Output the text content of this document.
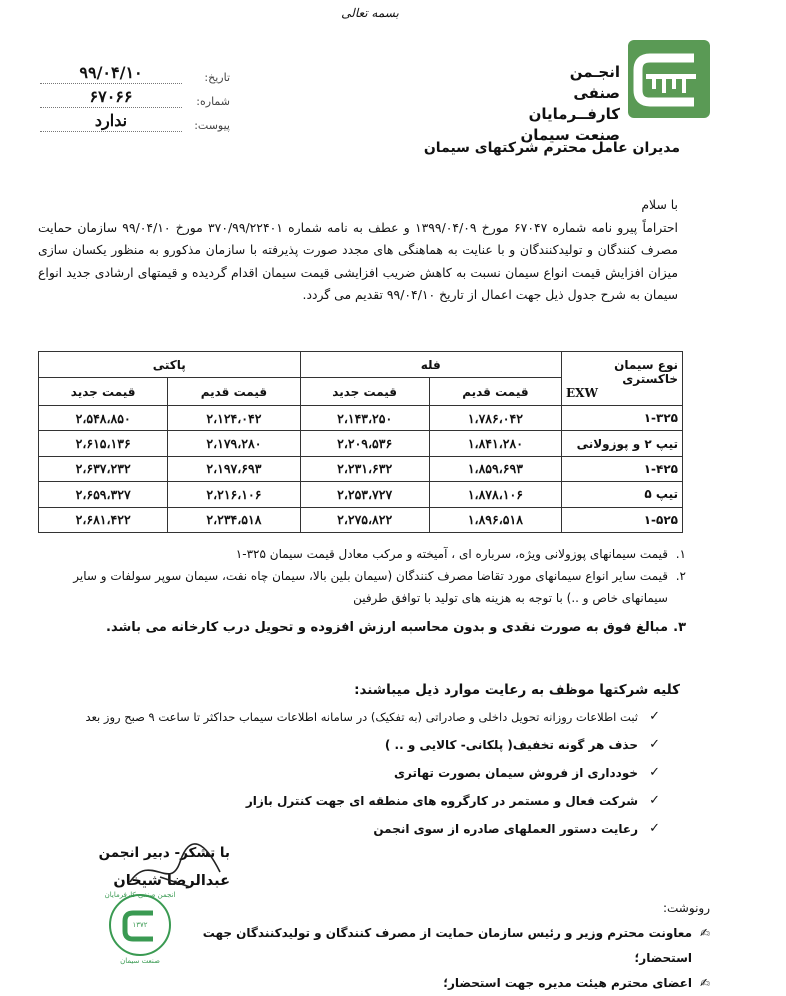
بسمه تعالی
تاریخ:
۹۹/۰۴/۱۰
شماره:
۶۷۰۶۶
پیوست:
ندارد
انجـمن صنفی
کارفــرمایان
صنعت سیمان
مدیران عامل محترم شرکتهای سیمان
با سلام
احتراماً پیرو نامه شماره ۶۷۰۴۷ مورخ ۱۳۹۹/۰۴/۰۹ و عطف به نامه شماره ۳۷۰/۹۹/۲۲۴۰۱ مورخ ۹۹/۰۴/۱۰ سازمان حمایت مصرف کنندگان و تولیدکنندگان و با عنایت به هماهنگی های مجدد صورت پذیرفته با سازمان مذکورو به منظور یکسان سازی میزان افزایش قیمت انواع سیمان نسبت به کاهش ضریب افزایشی قیمت سیمان اقدام گردیده و قیمتهای ارشادی جدید انواع سیمان به شرح جدول ذیل جهت اعمال از تاریخ ۹۹/۰۴/۱۰ تقدیم می گردد.
نوع سیمان خاکستری
EXW	فله		پاکتی	
	قیمت قدیم	قیمت جدید	قیمت قدیم	قیمت جدید
۱-۳۲۵	۱،۷۸۶،۰۴۲	۲،۱۴۳،۲۵۰	۲،۱۲۴،۰۴۲	۲،۵۴۸،۸۵۰
تیپ ۲ و پوزولانی	۱،۸۴۱،۲۸۰	۲،۲۰۹،۵۳۶	۲،۱۷۹،۲۸۰	۲،۶۱۵،۱۳۶
۱-۴۲۵	۱،۸۵۹،۶۹۳	۲،۲۳۱،۶۳۲	۲،۱۹۷،۶۹۳	۲،۶۳۷،۲۳۲
تیپ ۵	۱،۸۷۸،۱۰۶	۲،۲۵۳،۷۲۷	۲،۲۱۶،۱۰۶	۲،۶۵۹،۳۲۷
۱-۵۲۵	۱،۸۹۶،۵۱۸	۲،۲۷۵،۸۲۲	۲،۲۳۴،۵۱۸	۲،۶۸۱،۴۲۲
۱.
قیمت سیمانهای پوزولانی ویژه، سرباره ای ، آمیخته و مرکب معادل قیمت سیمان ۳۲۵-۱
۲.
قیمت سایر انواع سیمانهای مورد تقاضا مصرف کنندگان (سیمان بلین بالا، سیمان چاه نفت، سیمان سوپر سولفات و سایر سیمانهای خاص و ..) با توجه به هزینه های تولید با توافق طرفین
۳.
مبالغ فوق به صورت نقدی و بدون محاسبه ارزش افزوده و تحویل درب کارخانه می باشد.
کلیه شرکتها موظف به رعایت موارد ذیل میباشند:
✓
ثبت اطلاعات روزانه تحویل داخلی و صادراتی (به تفکیک) در سامانه اطلاعات سیماب حداکثر تا ساعت ۹ صبح روز بعد
✓
حذف هر گونه تخفیف( پلکانی- کالایی و .. )
✓
خودداری از فروش سیمان بصورت تهاتری
✓
شرکت فعال و مستمر در کارگروه های منطقه ای جهت کنترل بازار
✓
رعایت دستور العملهای صادره از سوی انجمن
با تشکر- دبیر انجمن
عبدالرضا شیخان
انجمن صنفی کارفرمایان
۱۳۷۲
صنعت سیمان
رونوشت:
✍
معاونت محترم وزیر و رئیس سازمان حمایت از مصرف کنندگان و تولیدکنندگان جهت استحضار؛
✍
اعضای محترم هیئت مدیره جهت استحضار؛
